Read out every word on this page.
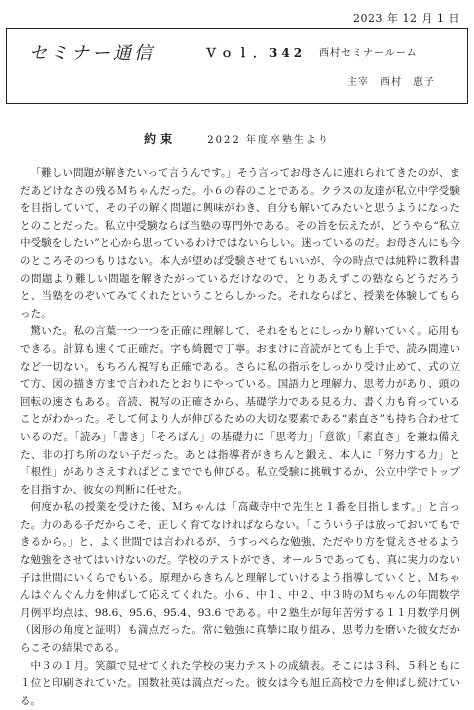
2023 年 12 月 1 日
セミナー通信	Ｖｏｌ．342 西村セミナールーム
主宰　西村　恵子
約束	2022 年度卒塾生より

「難しい問題が解きたいって言うんです。」そう言ってお母さんに連れられてきたのが、まだあどけなさの残るＭちゃんだった。小６の春のことである。クラスの友達が私立中学受験を目指していて、その子の解く問題に興味がわき、自分も解いてみたいと思うようになったとのことだった。私立中受験ならば当塾の専門外である。その旨を伝えたが、どうやら“私立中受験をしたい”と心から思っているわけではないらしい。迷っているのだ。お母さんにも今のところそのつもりはない。本人が望めば受験させてもいいが、今の時点では純粋に教科書の問題より難しい問題を解きたがっているだけなので、とりあえずこの塾ならどうだろうと、当塾をのぞいてみてくれたということらしかった。それならばと、授業を体験してもらった。

驚いた。私の言葉一つ一つを正確に理解して、それをもとにしっかり解いていく。応用もできる。計算も速くて正確だ。字も綺麗で丁寧。おまけに音読がとても上手で、読み間違いなど一切ない。もちろん視写も正確である。さらに私の指示をしっかり受け止めて、式の立て方、図の描き方まで言われたとおりにやっている。国語力と理解力、思考力があり、頭の回転の速さもある。音読、視写の正確さから、基礎学力である見る力、書く力も育っていることがわかった。そして何より人が伸びるための大切な要素である“素直さ”も持ち合わせているのだ。「読み」「書き」「そろばん」の基礎力に「思考力」「意欲」「素直さ」を兼ね備えた、非の打ち所のない子だった。あとは指導者がきちんと鍛え、本人に「努力する力」と「根性」がありさえすればどこまででも伸びる。私立受験に挑戦するか、公立中学でトップを目指すか、彼女の判断に任せた。

何度か私の授業を受けた後、Ｍちゃんは「高蔵寺中で先生と１番を目指します。」と言った。力のある子だからこそ、正しく育てなければならない。「こういう子は放っておいてもできるから。」と、よく世間では言われるが、うすっぺらな勉強、ただやり方を覚えさせるような勉強をさせてはいけないのだ。学校のテストができ、オール５であっても、真に実力のない子は世間にいくらでもいる。原理からきちんと理解していけるよう指導していくと、Ｍちゃんはぐんぐん力を伸ばして応えてくれた。小６、中１、中２、中３時のＭちゃんの年間数学月例平均点は、98.6、95.6、95.4、93.6 である。中２塾生が毎年苦労する１１月数学月例（図形の角度と証明）も満点だった。常に勉強に真摯に取り組み、思考力を磨いた彼女だからこその結果である。

中３の１月。笑顔で見せてくれた学校の実力テストの成績表。そこには３科、５科ともに１位と印刷されていた。国数社英は満点だった。彼女は今も旭丘高校で力を伸ばし続けている。
